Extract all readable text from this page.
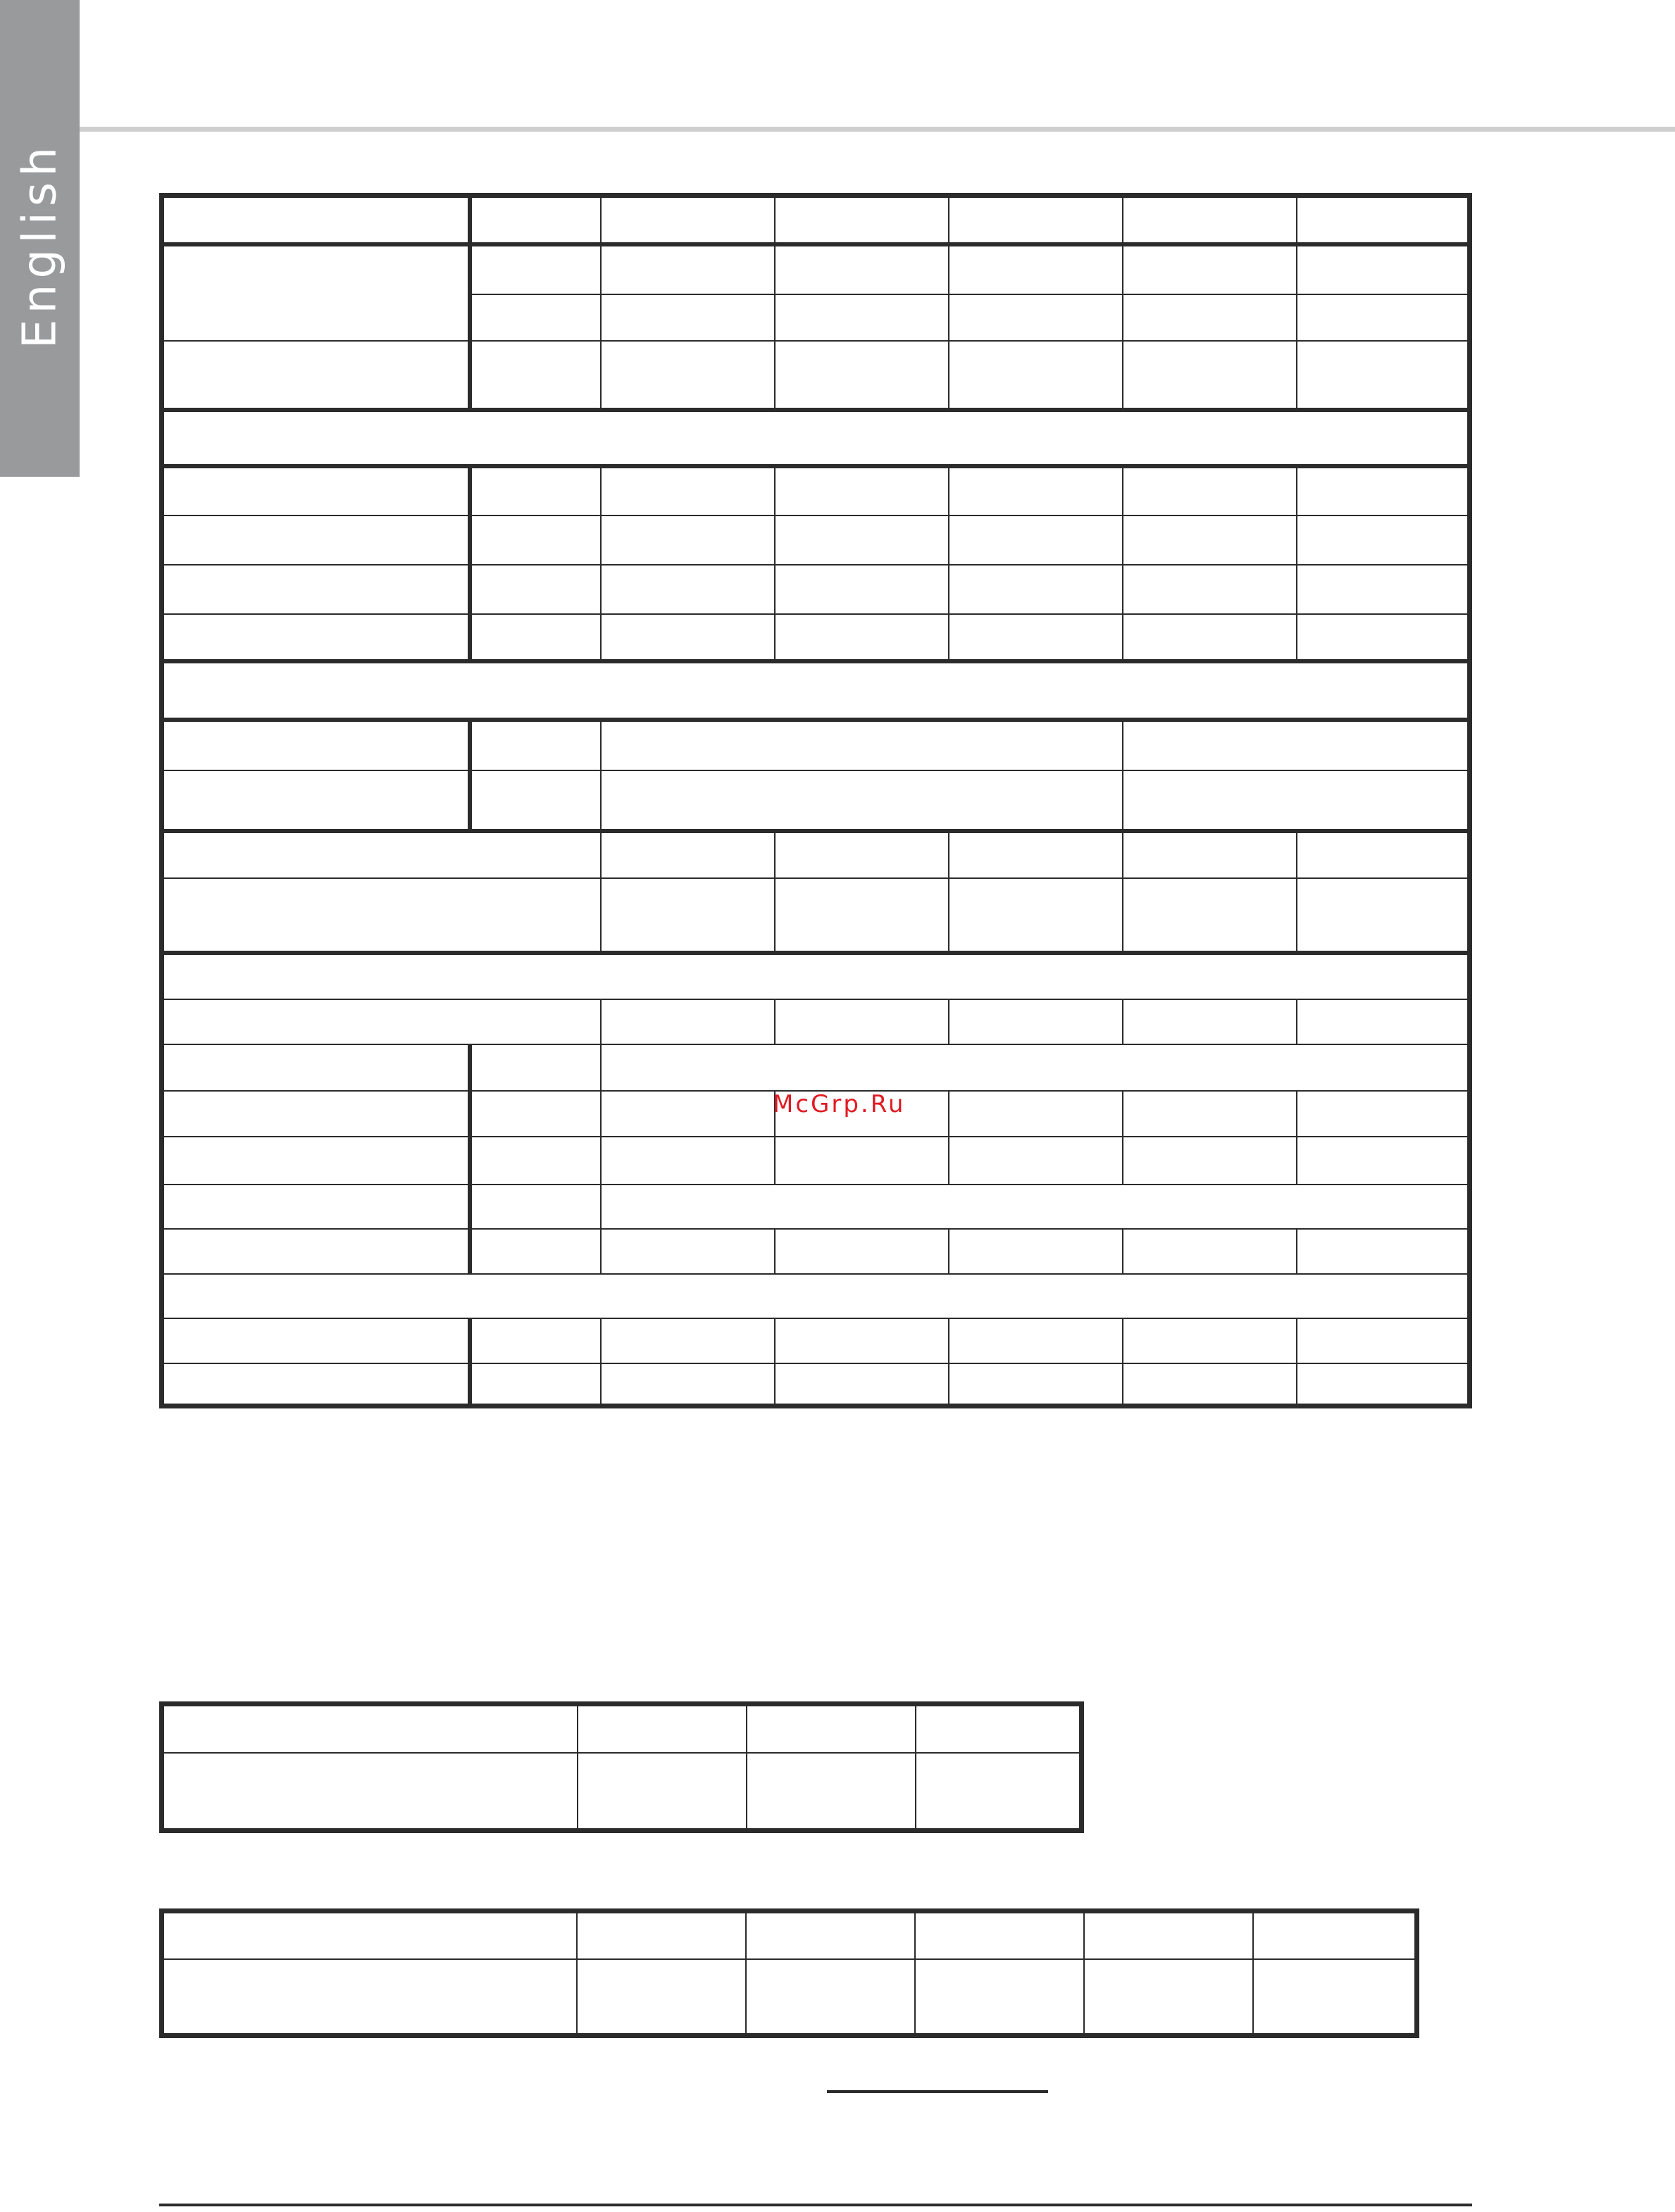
English
McGrp.Ru
